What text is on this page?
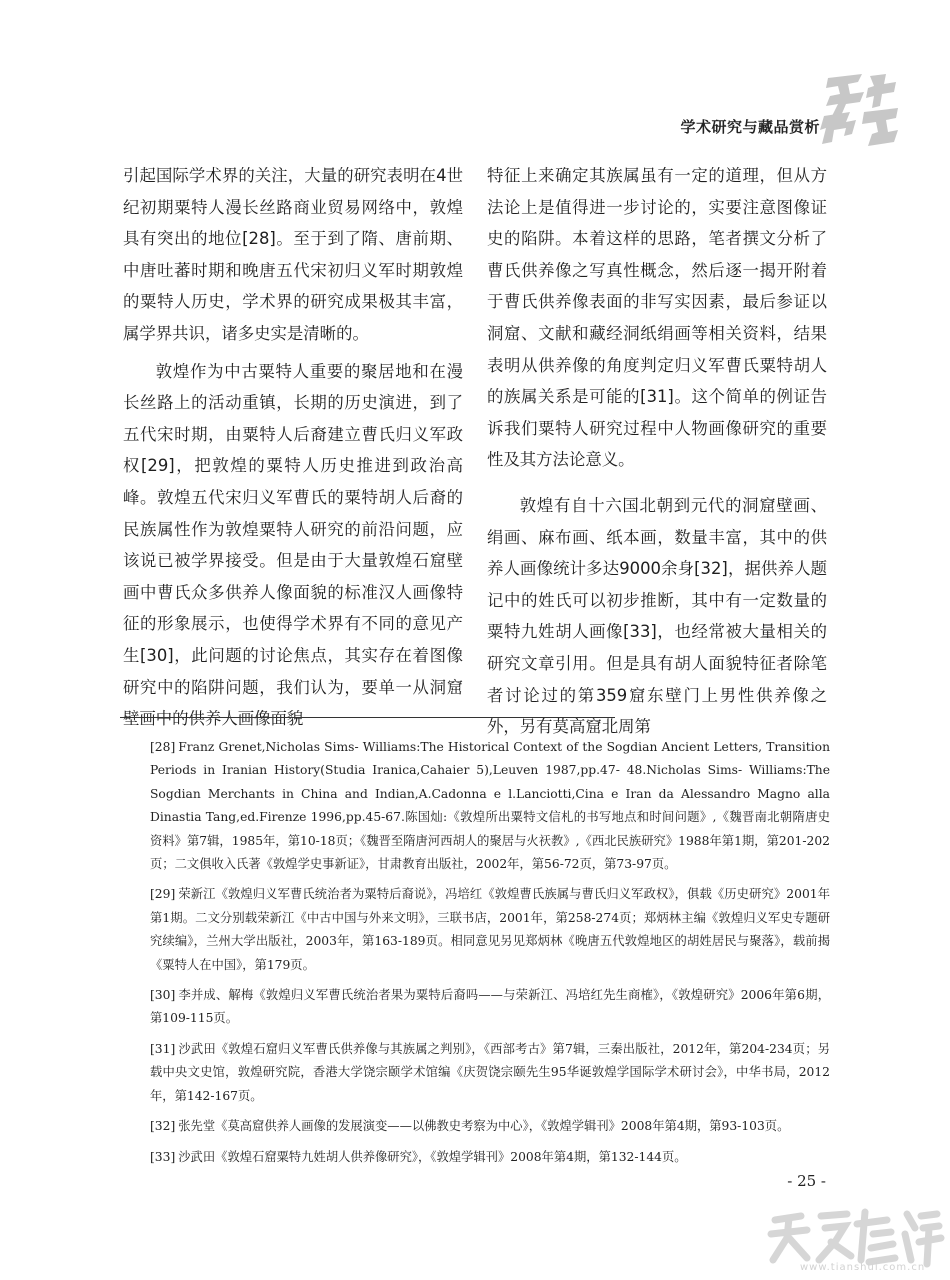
学术研究与藏品赏析

引起国际学术界的关注，大量的研究表明在4世纪初期粟特人漫长丝路商业贸易网络中，敦煌具有突出的地位[28]。至于到了隋、唐前期、中唐吐蕃时期和晚唐五代宋初归义军时期敦煌的粟特人历史，学术界的研究成果极其丰富，属学界共识，诸多史实是清晰的。

敦煌作为中古粟特人重要的聚居地和在漫长丝路上的活动重镇，长期的历史演进，到了五代宋时期，由粟特人后裔建立曹氏归义军政权[29]，把敦煌的粟特人历史推进到政治高峰。敦煌五代宋归义军曹氏的粟特胡人后裔的民族属性作为敦煌粟特人研究的前沿问题，应该说已被学界接受。但是由于大量敦煌石窟壁画中曹氏众多供养人像面貌的标准汉人画像特征的形象展示，也使得学术界有不同的意见产生[30]，此问题的讨论焦点，其实存在着图像研究中的陷阱问题，我们认为，要单一从洞窟壁画中的供养人画像面貌

特征上来确定其族属虽有一定的道理，但从方法论上是值得进一步讨论的，实要注意图像证史的陷阱。本着这样的思路，笔者撰文分析了曹氏供养像之写真性概念，然后逐一揭开附着于曹氏供养像表面的非写实因素，最后参证以洞窟、文献和藏经洞纸绢画等相关资料，结果表明从供养像的角度判定归义军曹氏粟特胡人的族属关系是可能的[31]。这个简单的例证告诉我们粟特人研究过程中人物画像研究的重要性及其方法论意义。

敦煌有自十六国北朝到元代的洞窟壁画、绢画、麻布画、纸本画，数量丰富，其中的供养人画像统计多达9000余身[32]，据供养人题记中的姓氏可以初步推断，其中有一定数量的粟特九姓胡人画像[33]，也经常被大量相关的研究文章引用。但是具有胡人面貌特征者除笔者讨论过的第359窟东壁门上男性供养像之外，另有莫高窟北周第

[28] Franz Grenet,Nicholas Sims- Williams:The Historical Context of the Sogdian Ancient Letters, Transition Periods in Iranian History(Studia Iranica,Cahaier 5),Leuven 1987,pp.47- 48.Nicholas Sims- Williams:The Sogdian Merchants in China and Indian,A.Cadonna e l.Lanciotti,Cina e Iran da Alessandro Magno alla Dinastia Tang,ed.Firenze 1996,pp.45-67.陈国灿:《敦煌所出粟特文信札的书写地点和时间问题》,《魏晋南北朝隋唐史资料》第7辑，1985年，第10-18页；《魏晋至隋唐河西胡人的聚居与火祆教》,《西北民族研究》1988年第1期，第201-202页；二文俱收入氏著《敦煌学史事新证》，甘肃教育出版社，2002年，第56-72页，第73-97页。

[29] 荣新江《敦煌归义军曹氏统治者为粟特后裔说》，冯培红《敦煌曹氏族属与曹氏归义军政权》，俱载《历史研究》2001年第1期。二文分别载荣新江《中古中国与外来文明》，三联书店，2001年，第258-274页；郑炳林主编《敦煌归义军史专题研究续编》，兰州大学出版社，2003年，第163-189页。相同意见另见郑炳林《晚唐五代敦煌地区的胡姓居民与聚落》，载前揭《粟特人在中国》，第179页。

[30] 李并成、解梅《敦煌归义军曹氏统治者果为粟特后裔吗——与荣新江、冯培红先生商榷》，《敦煌研究》2006年第6期，第109-115页。

[31] 沙武田《敦煌石窟归义军曹氏供养像与其族属之判别》，《西部考古》第7辑，三秦出版社，2012年，第204-234页；另载中央文史馆，敦煌研究院，香港大学饶宗颐学术馆编《庆贺饶宗颐先生95华诞敦煌学国际学术研讨会》，中华书局，2012年，第142-167页。

[32] 张先堂《莫高窟供养人画像的发展演变——以佛教史考察为中心》，《敦煌学辑刊》2008年第4期，第93-103页。

[33] 沙武田《敦煌石窟粟特九姓胡人供养像研究》，《敦煌学辑刊》2008年第4期，第132-144页。

- 25 -
www.tianshui.com.cn
